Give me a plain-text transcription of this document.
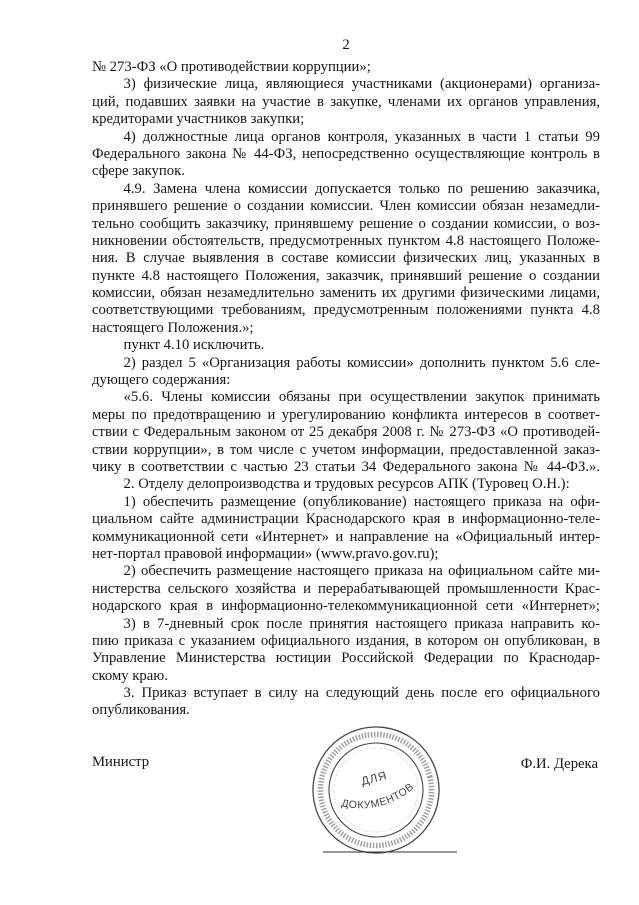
2
№ 273-ФЗ «О противодействии коррупции»;
3) физические лица, являющиеся участниками (акционерами) организа-
ций, подавших заявки на участие в закупке, членами их органов управления,
кредиторами участников закупки;
4) должностные лица органов контроля, указанных в части 1 статьи 99
Федерального закона № 44-ФЗ, непосредственно осуществляющие контроль в
сфере закупок.
4.9. Замена члена комиссии допускается только по решению заказчика,
принявшего решение о создании комиссии. Член комиссии обязан незамедли-
тельно сообщить заказчику, принявшему решение о создании комиссии, о воз-
никновении обстоятельств, предусмотренных пунктом 4.8 настоящего Положе-
ния. В случае выявления в составе комиссии физических лиц, указанных в
пункте 4.8 настоящего Положения, заказчик, принявший решение о создании
комиссии, обязан незамедлительно заменить их другими физическими лицами,
соответствующими требованиям, предусмотренным положениями пункта 4.8
настоящего Положения.»;
пункт 4.10 исключить.
2) раздел 5 «Организация работы комиссии» дополнить пунктом 5.6 сле-
дующего содержания:
«5.6. Члены комиссии обязаны при осуществлении закупок принимать
меры по предотвращению и урегулированию конфликта интересов в соответ-
ствии с Федеральным законом от 25 декабря 2008 г. № 273-ФЗ «О противодей-
ствии коррупции», в том числе с учетом информации, предоставленной заказ-
чику в соответствии с частью 23 статьи 34 Федерального закона № 44-ФЗ.».
2. Отделу делопроизводства и трудовых ресурсов АПК (Туровец О.Н.):
1) обеспечить размещение (опубликование) настоящего приказа на офи-
циальном сайте администрации Краснодарского края в информационно-теле-
коммуникационной сети «Интернет» и направление на «Официальный интер-
нет-портал правовой информации» (www.pravo.gov.ru);
2) обеспечить размещение настоящего приказа на официальном сайте ми-
нистерства сельского хозяйства и перерабатывающей промышленности Крас-
нодарского края в информационно-телекоммуникационной сети «Интернет»;
3) в 7-дневный срок после принятия настоящего приказа направить ко-
пию приказа с указанием официального издания, в котором он опубликован, в
Управление Министерства юстиции Российской Федерации по Краснодар-
скому краю.
3. Приказ вступает в силу на следующий день после его официального
опубликования.
Министр	Ф.И. Дерека
ДЛЯ
ДОКУМЕНТОВ
